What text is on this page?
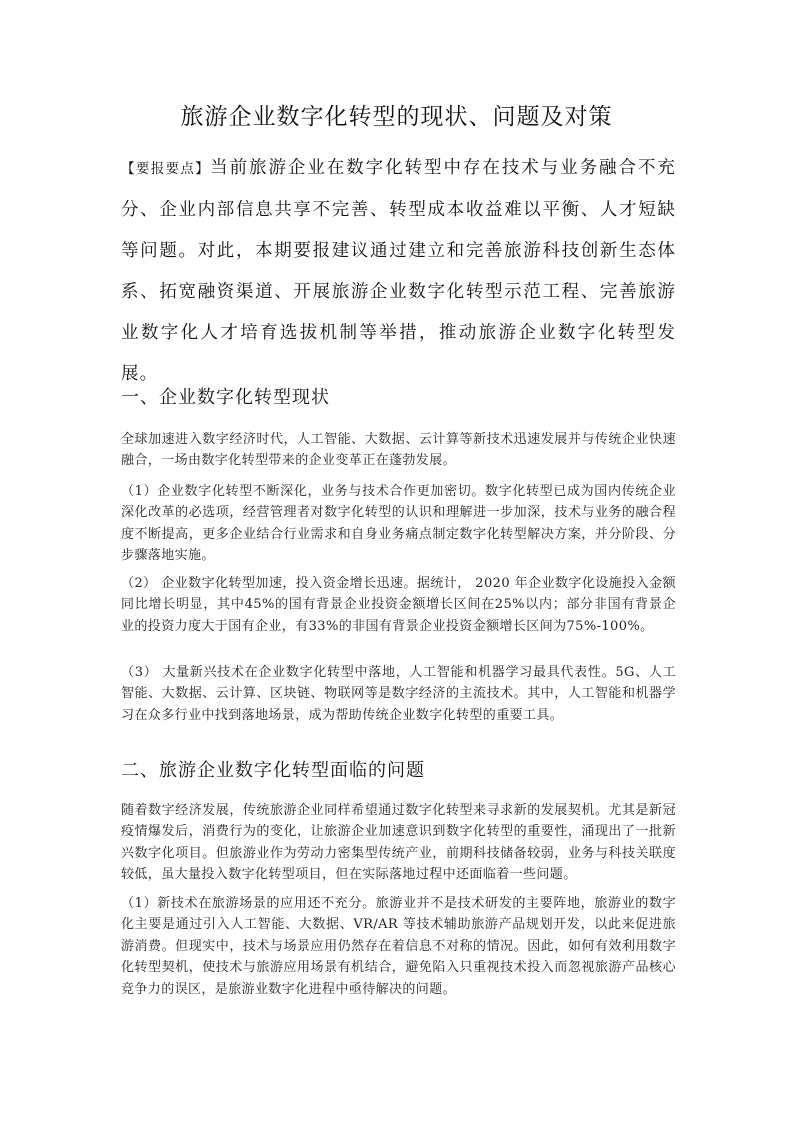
旅游企业数字化转型的现状、问题及对策
【要报要点】当前旅游企业在数字化转型中存在技术与业务融合不充分、企业内部信息共享不完善、转型成本收益难以平衡、人才短缺等问题。对此，本期要报建议通过建立和完善旅游科技创新生态体系、拓宽融资渠道、开展旅游企业数字化转型示范工程、完善旅游业数字化人才培育选拔机制等举措，推动旅游企业数字化转型发展。
一、企业数字化转型现状
全球加速进入数字经济时代，人工智能、大数据、云计算等新技术迅速发展并与传统企业快速融合，一场由数字化转型带来的企业变革正在蓬勃发展。
（1）企业数字化转型不断深化，业务与技术合作更加密切。数字化转型已成为国内传统企业深化改革的必选项，经营管理者对数字化转型的认识和理解进一步加深，技术与业务的融合程度不断提高，更多企业结合行业需求和自身业务痛点制定数字化转型解决方案，并分阶段、分步骤落地实施。
（2） 企业数字化转型加速，投入资金增长迅速。据统计， 2020 年企业数字化设施投入金额同比增长明显，其中45%的国有背景企业投资金额增长区间在25%以内；部分非国有背景企业的投资力度大于国有企业，有33%的非国有背景企业投资金额增长区间为75%-100%。
（3） 大量新兴技术在企业数字化转型中落地，人工智能和机器学习最具代表性。5G、人工智能、大数据、云计算、区块链、物联网等是数字经济的主流技术。其中，人工智能和机器学习在众多行业中找到落地场景，成为帮助传统企业数字化转型的重要工具。
二、旅游企业数字化转型面临的问题
随着数字经济发展，传统旅游企业同样希望通过数字化转型来寻求新的发展契机。尤其是新冠疫情爆发后，消费行为的变化，让旅游企业加速意识到数字化转型的重要性，涌现出了一批新兴数字化项目。但旅游业作为劳动力密集型传统产业，前期科技储备较弱，业务与科技关联度较低，虽大量投入数字化转型项目，但在实际落地过程中还面临着一些问题。
（1）新技术在旅游场景的应用还不充分。旅游业并不是技术研发的主要阵地，旅游业的数字化主要是通过引入人工智能、大数据、VR/AR 等技术辅助旅游产品规划开发，以此来促进旅游消费。但现实中，技术与场景应用仍然存在着信息不对称的情况。因此，如何有效利用数字化转型契机，使技术与旅游应用场景有机结合，避免陷入只重视技术投入而忽视旅游产品核心竞争力的误区，是旅游业数字化进程中亟待解决的问题。
